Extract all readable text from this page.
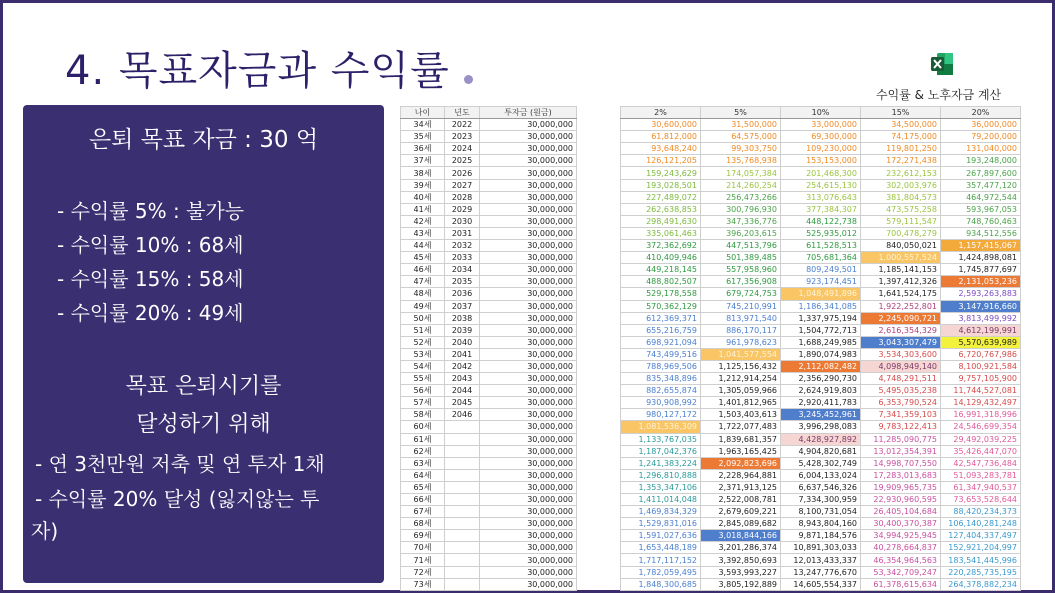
4. 목표자금과 수익률
은퇴 목표 자금 : 30 억
- 수익률 5% : 불가능
- 수익률 10% : 68세
- 수익률 15% : 58세
- 수익률 20% : 49세
목표 은퇴시기를
달성하기 위해
- 연 3천만원 저축 및 연 투자 1채
- 수익률 20% 달성 (잃지않는 투
자)
수익률 & 노후자금 계산
나이	년도	투자금 (원금)
34세	2022	30,000,000
35세	2023	30,000,000
36세	2024	30,000,000
37세	2025	30,000,000
38세	2026	30,000,000
39세	2027	30,000,000
40세	2028	30,000,000
41세	2029	30,000,000
42세	2030	30,000,000
43세	2031	30,000,000
44세	2032	30,000,000
45세	2033	30,000,000
46세	2034	30,000,000
47세	2035	30,000,000
48세	2036	30,000,000
49세	2037	30,000,000
50세	2038	30,000,000
51세	2039	30,000,000
52세	2040	30,000,000
53세	2041	30,000,000
54세	2042	30,000,000
55세	2043	30,000,000
56세	2044	30,000,000
57세	2045	30,000,000
58세	2046	30,000,000
60세		30,000,000
61세		30,000,000
62세		30,000,000
63세		30,000,000
64세		30,000,000
65세		30,000,000
66세		30,000,000
67세		30,000,000
68세		30,000,000
69세		30,000,000
70세		30,000,000
71세		30,000,000
72세		30,000,000
73세		30,000,000
2%	5%	10%	15%	20%
30,600,000	31,500,000	33,000,000	34,500,000	36,000,000
61,812,000	64,575,000	69,300,000	74,175,000	79,200,000
93,648,240	99,303,750	109,230,000	119,801,250	131,040,000
126,121,205	135,768,938	153,153,000	172,271,438	193,248,000
159,243,629	174,057,384	201,468,300	232,612,153	267,897,600
193,028,501	214,260,254	254,615,130	302,003,976	357,477,120
227,489,072	256,473,266	313,076,643	381,804,573	464,972,544
262,638,853	300,796,930	377,384,307	473,575,258	593,967,053
298,491,630	347,336,776	448,122,738	579,111,547	748,760,463
335,061,463	396,203,615	525,935,012	700,478,279	934,512,556
372,362,692	447,513,796	611,528,513	840,050,021	1,157,415,067
410,409,946	501,389,485	705,681,364	1,000,557,524	1,424,898,081
449,218,145	557,958,960	809,249,501	1,185,141,153	1,745,877,697
488,802,507	617,356,908	923,174,451	1,397,412,326	2,131,053,236
529,178,558	679,724,753	1,048,491,896	1,641,524,175	2,593,263,883
570,362,129	745,210,991	1,186,341,085	1,922,252,801	3,147,916,660
612,369,371	813,971,540	1,337,975,194	2,245,090,721	3,813,499,992
655,216,759	886,170,117	1,504,772,713	2,616,354,329	4,612,199,991
698,921,094	961,978,623	1,688,249,985	3,043,307,479	5,570,639,989
743,499,516	1,041,577,554	1,890,074,983	3,534,303,600	6,720,767,986
788,969,506	1,125,156,432	2,112,082,482	4,098,949,140	8,100,921,584
835,348,896	1,212,914,254	2,356,290,730	4,748,291,511	9,757,105,900
882,655,874	1,305,059,966	2,624,919,803	5,495,035,238	11,744,527,081
930,908,992	1,401,812,965	2,920,411,783	6,353,790,524	14,129,432,497
980,127,172	1,503,403,613	3,245,452,961	7,341,359,103	16,991,318,996
1,081,536,309	1,722,077,483	3,996,298,083	9,783,122,413	24,546,699,354
1,133,767,035	1,839,681,357	4,428,927,892	11,285,090,775	29,492,039,225
1,187,042,376	1,963,165,425	4,904,820,681	13,012,354,391	35,426,447,070
1,241,383,224	2,092,823,696	5,428,302,749	14,998,707,550	42,547,736,484
1,296,810,888	2,228,964,881	6,004,133,024	17,283,013,683	51,093,283,781
1,353,347,106	2,371,913,125	6,637,546,326	19,909,965,735	61,347,940,537
1,411,014,048	2,522,008,781	7,334,300,959	22,930,960,595	73,653,528,644
1,469,834,329	2,679,609,221	8,100,731,054	26,405,104,684	88,420,234,373
1,529,831,016	2,845,089,682	8,943,804,160	30,400,370,387	106,140,281,248
1,591,027,636	3,018,844,166	9,871,184,576	34,994,925,945	127,404,337,497
1,653,448,189	3,201,286,374	10,891,303,033	40,278,664,837	152,921,204,997
1,717,117,152	3,392,850,693	12,013,433,337	46,354,964,563	183,541,445,996
1,782,059,495	3,593,993,227	13,247,776,670	53,342,709,247	220,285,735,195
1,848,300,685	3,805,192,889	14,605,554,337	61,378,615,634	264,378,882,234
